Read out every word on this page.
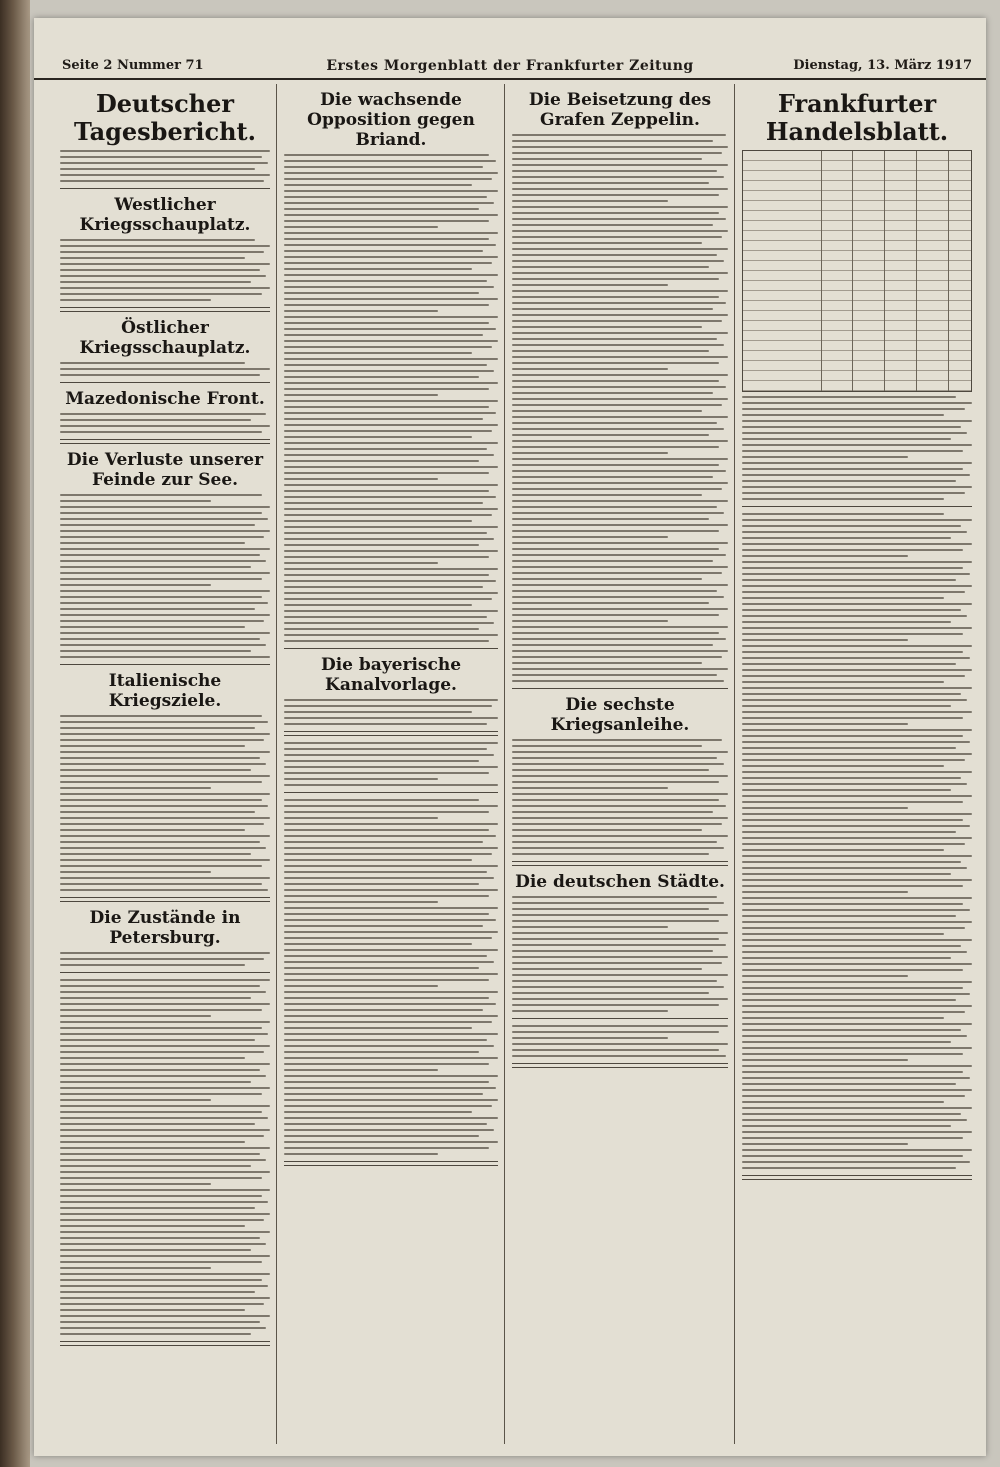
Seite 2 Nummer 71	Erstes Morgenblatt der Frankfurter Zeitung	Dienstag, 13. März 1917
Deutscher Tagesbericht.
Westlicher Kriegsschauplatz.
Östlicher Kriegsschauplatz.
Mazedonische Front.
Die Verluste unserer Feinde zur See.
Italienische Kriegsziele.
Die Zustände in Petersburg.
Die wachsende Opposition gegen Briand.
Die bayerische Kanalvorlage.
Die Beisetzung des Grafen Zeppelin.
Die sechste Kriegsanleihe.
Die deutschen Städte.
Frankfurter Handelsblatt.
